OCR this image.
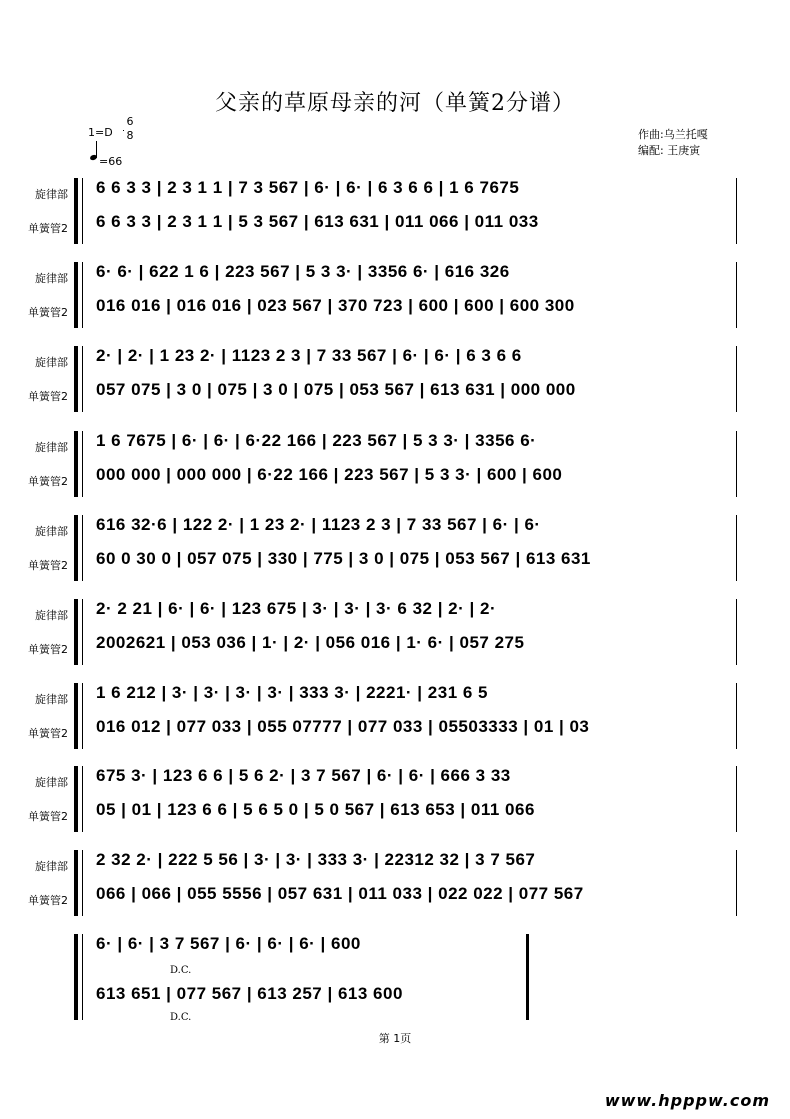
父亲的草原母亲的河（单簧2分谱）
1=D
6
8
=66
作曲:乌兰托嘎
编配: 王庚寅
旋律部
单簧管2
6 6 3 3 | 2 3 1 1 | 7 3 567 | 6· | 6· | 6 3 6 6 | 1 6 7675
6 6 3 3 | 2 3 1 1 | 5 3 567 | 613 631 | 011 066 | 011 033
旋律部
单簧管2
6· 6· | 622 1 6 | 223 567 | 5 3 3· | 3356 6· | 616 326
016 016 | 016 016 | 023 567 | 370 723 | 600 | 600 | 600 300
旋律部
单簧管2
2· | 2· | 1 23 2· | 1123 2 3 | 7 33 567 | 6· | 6· | 6 3 6 6
057 075 | 3 0 | 075 | 3 0 | 075 | 053 567 | 613 631 | 000 000
旋律部
单簧管2
1 6 7675 | 6· | 6· | 6·22 166 | 223 567 | 5 3 3· | 3356 6·
000 000 | 000 000 | 6·22 166 | 223 567 | 5 3 3· | 600 | 600
旋律部
单簧管2
616 32·6 | 122 2· | 1 23 2· | 1123 2 3 | 7 33 567 | 6· | 6·
60 0 30 0 | 057 075 | 330 | 775 | 3 0 | 075 | 053 567 | 613 631
旋律部
单簧管2
2· 2 21 | 6· | 6· | 123 675 | 3· | 3· | 3· 6 32 | 2· | 2·
2002621 | 053 036 | 1· | 2· | 056 016 | 1· 6· | 057 275
旋律部
单簧管2
1 6 212 | 3· | 3· | 3· | 3· | 333 3· | 2221· | 231 6 5
016 012 | 077 033 | 055 07777 | 077 033 | 05503333 | 01 | 03
旋律部
单簧管2
675 3· | 123 6 6 | 5 6 2· | 3 7 567 | 6· | 6· | 666 3 33
05 | 01 | 123 6 6 | 5 6 5 0 | 5 0 567 | 613 653 | 011 066
旋律部
单簧管2
2 32 2· | 222 5 56 | 3· | 3· | 333 3· | 22312 32 | 3 7 567
066 | 066 | 055 5556 | 057 631 | 011 033 | 022 022 | 077 567
6· | 6· | 3 7 567 | 6· | 6· | 6· | 600
613 651 | 077 567 | 613 257 | 613 600
D.C.
D.C.
第 1页
www.hpppw.com
